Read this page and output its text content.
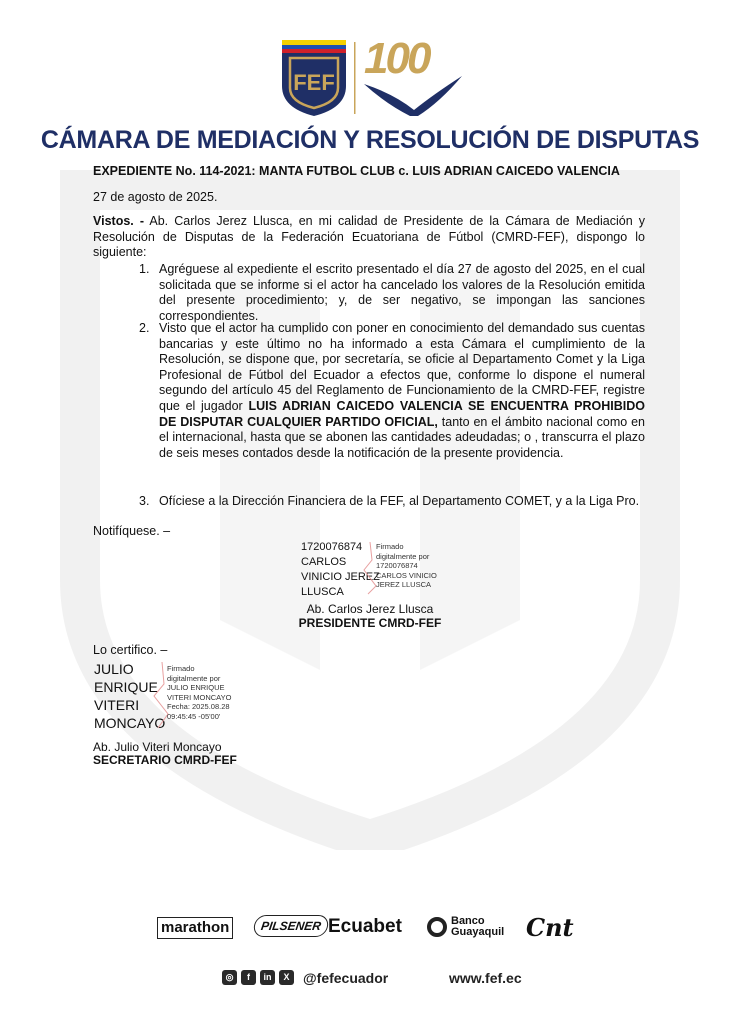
FEF 100
CÁMARA DE MEDIACIÓN Y RESOLUCIÓN DE DISPUTAS
EXPEDIENTE No. 114-2021: MANTA FUTBOL CLUB c. LUIS ADRIAN CAICEDO VALENCIA
27 de agosto de 2025.
Vistos. - Ab. Carlos Jerez Llusca, en mi calidad de Presidente de la Cámara de Mediación y Resolución de Disputas de la Federación Ecuatoriana de Fútbol (CMRD-FEF), dispongo lo siguiente:
1. Agréguese al expediente el escrito presentado el día 27 de agosto del 2025, en el cual solicitada que se informe si el actor ha cancelado los valores de la Resolución emitida del presente procedimiento; y, de ser negativo, se impongan las sanciones correspondientes.
2. Visto que el actor ha cumplido con poner en conocimiento del demandado sus cuentas bancarias y este último no ha informado a esta Cámara el cumplimiento de la Resolución, se dispone que, por secretaría, se oficie al Departamento Comet y la Liga Profesional de Fútbol del Ecuador a efectos que, conforme lo dispone el numeral segundo del artículo 45 del Reglamento de Funcionamiento de la CMRD-FEF, registre que el jugador LUIS ADRIAN CAICEDO VALENCIA SE ENCUENTRA PROHIBIDO DE DISPUTAR CUALQUIER PARTIDO OFICIAL, tanto en el ámbito nacional como en el internacional, hasta que se abonen las cantidades adeudadas; o , transcurra el plazo de seis meses contados desde la notificación de la presente providencia.
3. Ofíciese a la Dirección Financiera de la FEF, al Departamento COMET, y a la Liga Pro.
Notifíquese. –
1720076874
CARLOS
VINICIO JEREZ
LLUSCA
Firmado
digitalmente por
1720076874
CARLOS VINICIO
JEREZ LLUSCA
Ab. Carlos Jerez Llusca
PRESIDENTE CMRD-FEF
Lo certifico. –
JULIO
ENRIQUE
VITERI
MONCAYO
Firmado
digitalmente por
JULIO ENRIQUE
VITERI MONCAYO
Fecha: 2025.08.28
09:45:45 -05'00'
Ab. Julio Viteri Moncayo
SECRETARIO CMRD-FEF
marathon	PILSENER Ecuabet	Banco
Guayaquil Cnt
◎	f	in	X @fefecuador	www.fef.ec
